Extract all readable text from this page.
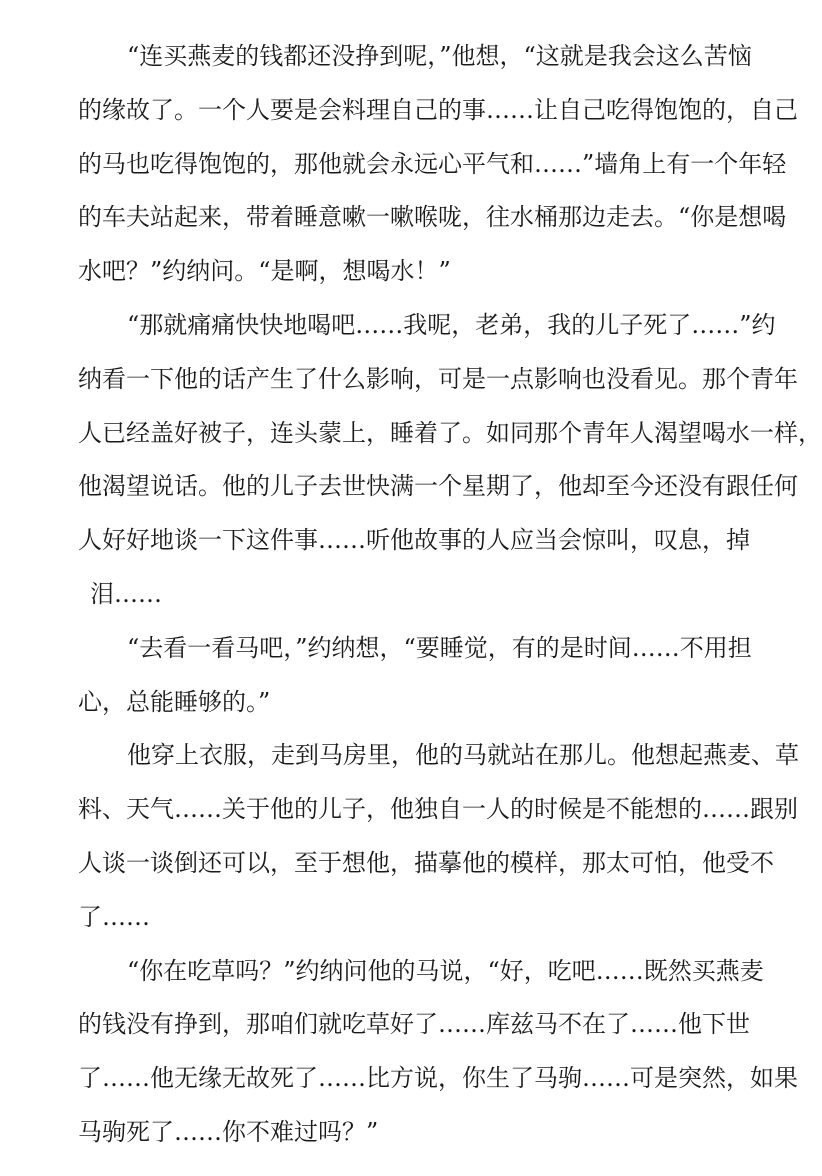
“连买燕麦的钱都还没挣到呢，”他想，“这就是我会这么苦恼

的缘故了。一个人要是会料理自己的事……让自己吃得饱饱的，自己

的马也吃得饱饱的，那他就会永远心平气和……”墙角上有一个年轻

的车夫站起来，带着睡意嗽一嗽喉咙，往水桶那边走去。“你是想喝

水吧？”约纳问。“是啊，想喝水！”

“那就痛痛快快地喝吧……我呢，老弟，我的儿子死了……”约

纳看一下他的话产生了什么影响，可是一点影响也没看见。那个青年

人已经盖好被子，连头蒙上，睡着了。如同那个青年人渴望喝水一样，

他渴望说话。他的儿子去世快满一个星期了，他却至今还没有跟任何

人好好地谈一下这件事……听他故事的人应当会惊叫，叹息，掉

泪……

“去看一看马吧，”约纳想，“要睡觉，有的是时间……不用担

心，总能睡够的。”

他穿上衣服，走到马房里，他的马就站在那儿。他想起燕麦、草

料、天气……关于他的儿子，他独自一人的时候是不能想的……跟别

人谈一谈倒还可以，至于想他，描摹他的模样，那太可怕，他受不

了……

“你在吃草吗？”约纳问他的马说，“好，吃吧……既然买燕麦

的钱没有挣到，那咱们就吃草好了……库兹马不在了……他下世

了……他无缘无故死了……比方说，你生了马驹……可是突然，如果

马驹死了……你不难过吗？”
